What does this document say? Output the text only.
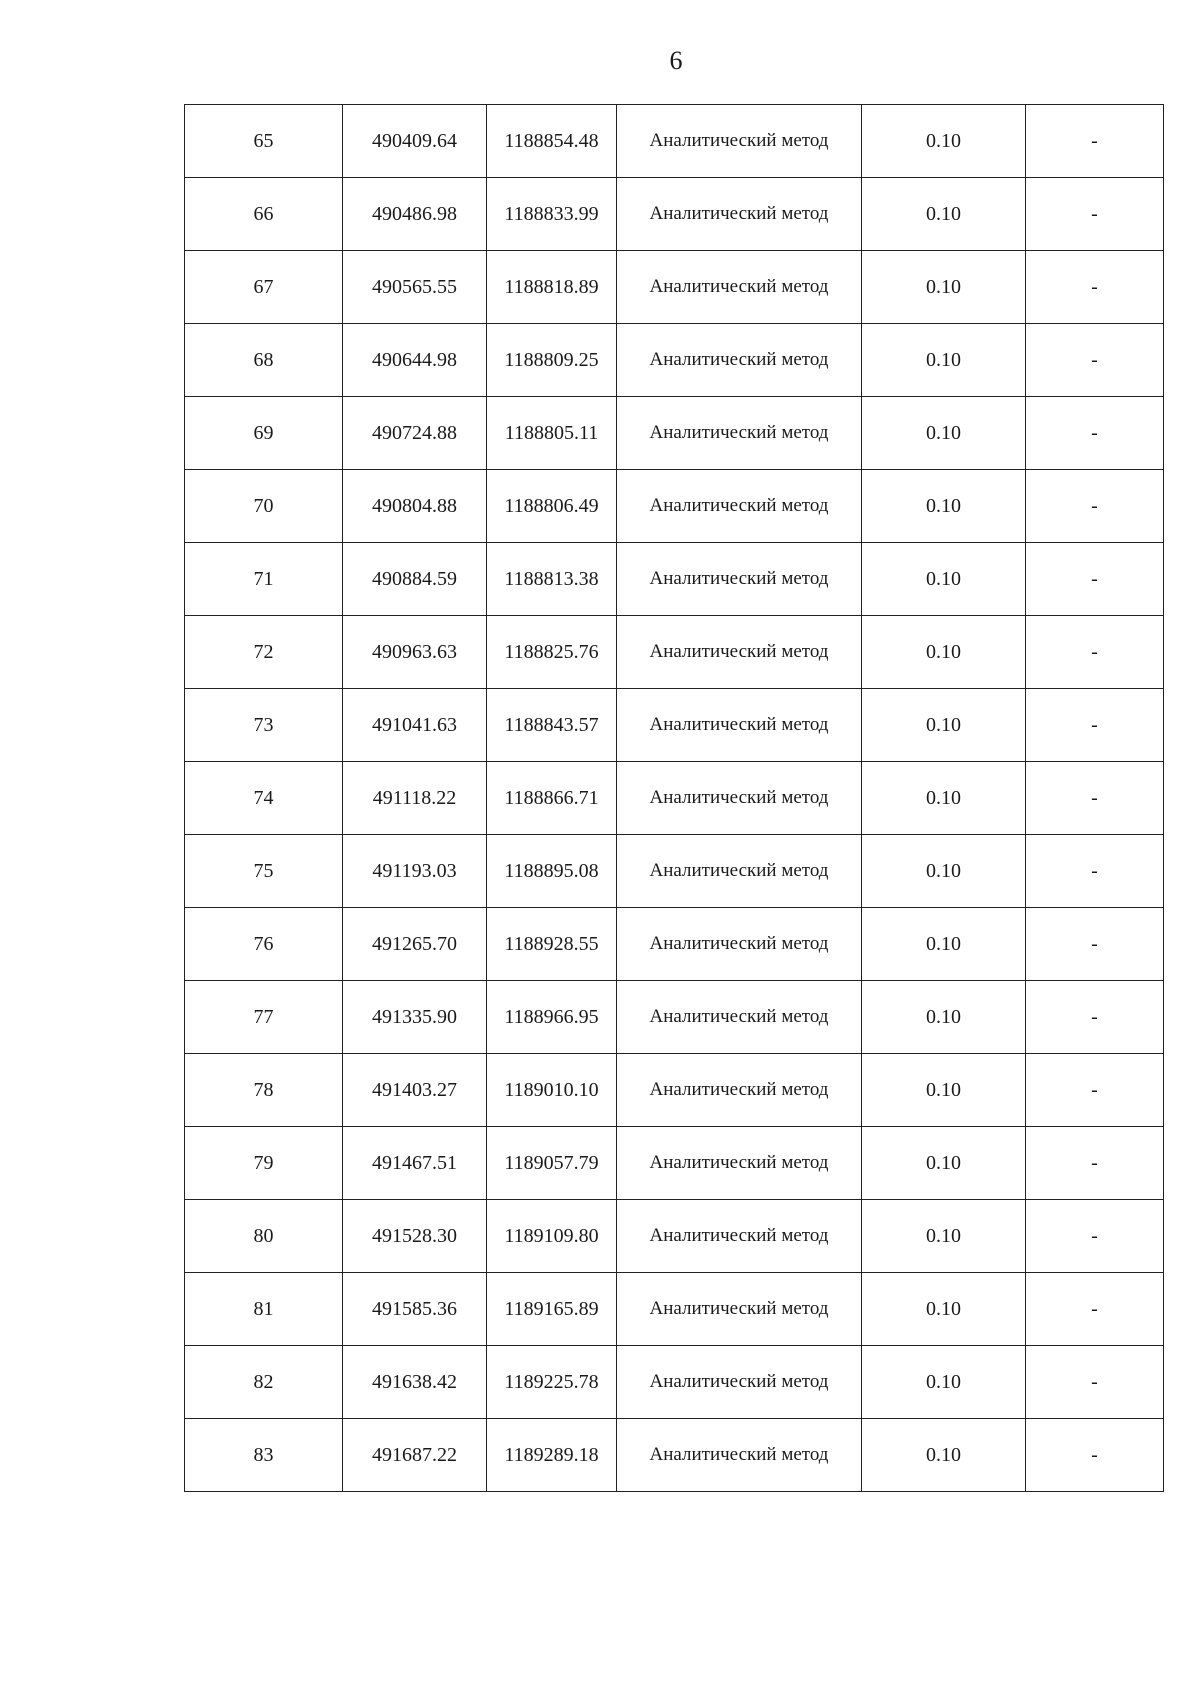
6
65	490409.64	1188854.48	Аналитический метод	0.10	-
66	490486.98	1188833.99	Аналитический метод	0.10	-
67	490565.55	1188818.89	Аналитический метод	0.10	-
68	490644.98	1188809.25	Аналитический метод	0.10	-
69	490724.88	1188805.11	Аналитический метод	0.10	-
70	490804.88	1188806.49	Аналитический метод	0.10	-
71	490884.59	1188813.38	Аналитический метод	0.10	-
72	490963.63	1188825.76	Аналитический метод	0.10	-
73	491041.63	1188843.57	Аналитический метод	0.10	-
74	491118.22	1188866.71	Аналитический метод	0.10	-
75	491193.03	1188895.08	Аналитический метод	0.10	-
76	491265.70	1188928.55	Аналитический метод	0.10	-
77	491335.90	1188966.95	Аналитический метод	0.10	-
78	491403.27	1189010.10	Аналитический метод	0.10	-
79	491467.51	1189057.79	Аналитический метод	0.10	-
80	491528.30	1189109.80	Аналитический метод	0.10	-
81	491585.36	1189165.89	Аналитический метод	0.10	-
82	491638.42	1189225.78	Аналитический метод	0.10	-
83	491687.22	1189289.18	Аналитический метод	0.10	-
